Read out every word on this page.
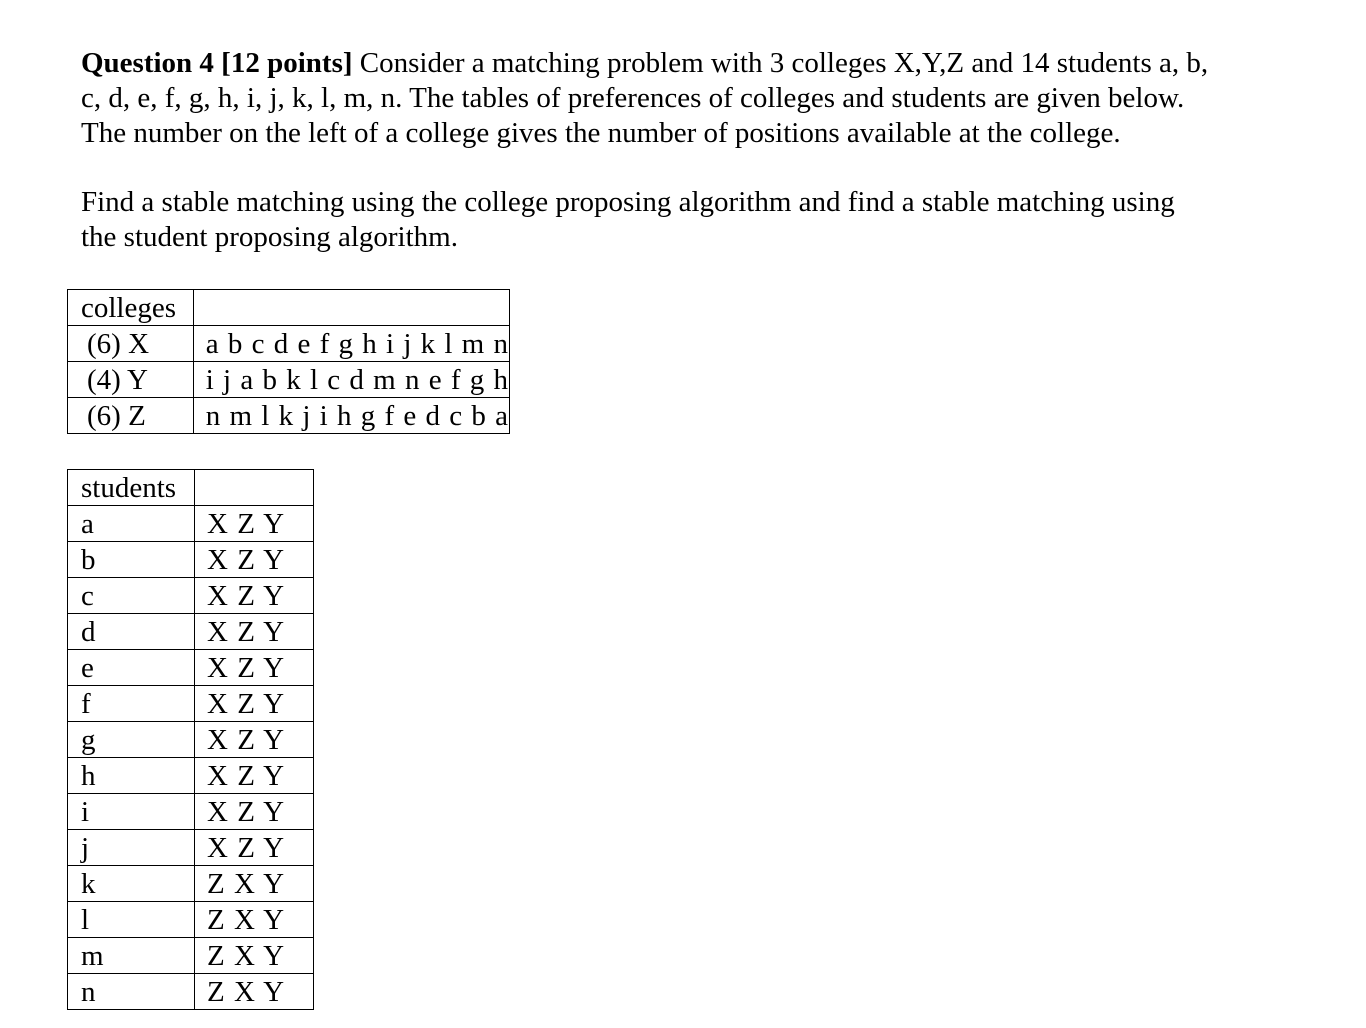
Question 4 [12 points] Consider a matching problem with 3 colleges X,Y,Z and 14 students a, b,
c, d, e, f, g, h, i, j, k, l, m, n. The tables of preferences of colleges and students are given below.
The number on the left of a college gives the number of positions available at the college.

Find a stable matching using the college proposing algorithm and find a stable matching using
the student proposing algorithm.

colleges	
(6) X	a b c d e f g h i j k l m n
(4) Y	i j a b k l c d m n e f g h
(6) Z	n m l k j i h g f e d c b a
students	
a	X Z Y
b	X Z Y
c	X Z Y
d	X Z Y
e	X Z Y
f	X Z Y
g	X Z Y
h	X Z Y
i	X Z Y
j	X Z Y
k	Z X Y
l	Z X Y
m	Z X Y
n	Z X Y
